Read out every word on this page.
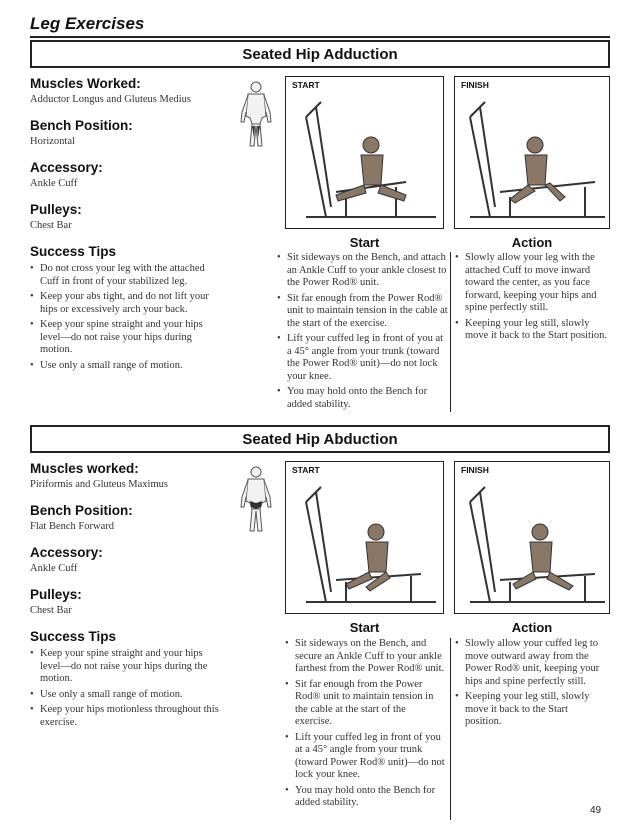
Leg Exercises
Seated Hip Adduction
Muscles Worked:
Adductor Longus and Gluteus Medius
Bench Position:
Horizontal
Accessory:
Ankle Cuff
Pulleys:
Chest Bar
Success Tips
• Do not cross your leg with the attached Cuff in front of your stabilized leg.
• Keep your abs tight, and do not lift your hips or excessively arch your back.
• Keep your spine straight and your hips level—do not raise your hips during motion.
• Use only a small range of motion.
START	FINISH
Start	Action
• Sit sideways on the Bench, and attach an Ankle Cuff to your ankle closest to the Power Rod® unit.
• Sit far enough from the Power Rod® unit to maintain tension in the cable at the start of the exercise.
• Lift your cuffed leg in front of you at a 45° angle from your trunk (toward the Power Rod® unit)—do not lock your knee.
• You may hold onto the Bench for added stability.
• Slowly allow your leg with the attached Cuff to move inward toward the center, as you face forward, keeping your hips and spine perfectly still.
• Keeping your leg still, slowly move it back to the Start position.
Seated Hip Abduction
Muscles worked:
Piriformis and Gluteus Maximus
Bench Position:
Flat Bench Forward
Accessory:
Ankle Cuff
Pulleys:
Chest Bar
Success Tips
• Keep your spine straight and your hips level—do not raise your hips during the motion.
• Use only a small range of motion.
• Keep your hips motionless throughout this exercise.
START	FINISH
Start	Action
• Sit sideways on the Bench, and secure an Ankle Cuff to your ankle farthest from the Power Rod® unit.
• Sit far enough from the Power Rod® unit to maintain tension in the cable at the start of the exercise.
• Lift your cuffed leg in front of you at a 45° angle from your trunk (toward Power Rod® unit)—do not lock your knee.
• You may hold onto the Bench for added stability.
• Slowly allow your cuffed leg to move outward away from the Power Rod® unit, keeping your hips and spine perfectly still.
• Keeping your leg still, slowly move it back to the Start position.
49
